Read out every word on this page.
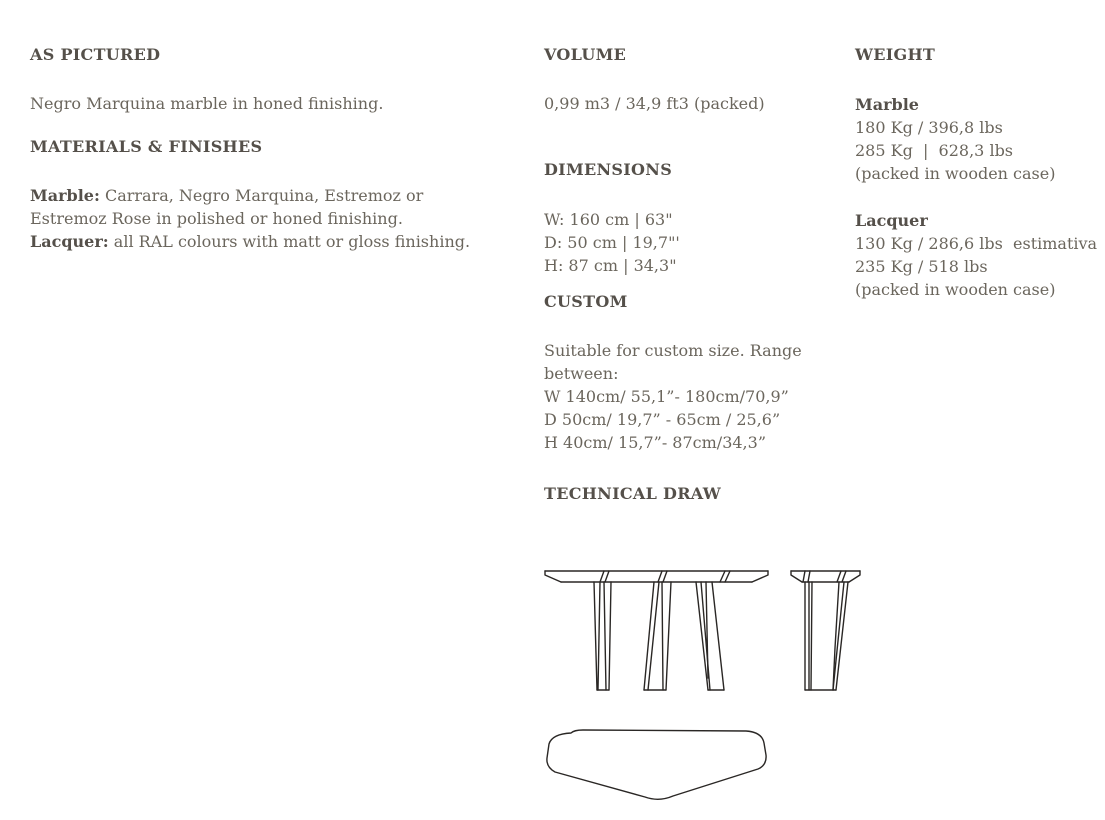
AS PICTURED
Negro Marquina marble in honed finishing.
MATERIALS & FINISHES
Marble: Carrara, Negro Marquina, Estremoz or
Estremoz Rose in polished or honed finishing.
Lacquer: all RAL colours with matt or gloss finishing.
VOLUME
0,99 m3 / 34,9 ft3 (packed)
DIMENSIONS
W: 160 cm | 63"
D: 50 cm | 19,7"'
H: 87 cm | 34,3"
CUSTOM
Suitable for custom size. Range
between:
W 140cm/ 55,1”- 180cm/70,9”
D 50cm/ 19,7” - 65cm / 25,6”
H 40cm/ 15,7”- 87cm/34,3”
TECHNICAL DRAW
WEIGHT
Marble
180 Kg / 396,8 lbs
285 Kg  |  628,3 lbs
(packed in wooden case)
Lacquer
130 Kg / 286,6 lbs  estimativa
235 Kg / 518 lbs
(packed in wooden case)
